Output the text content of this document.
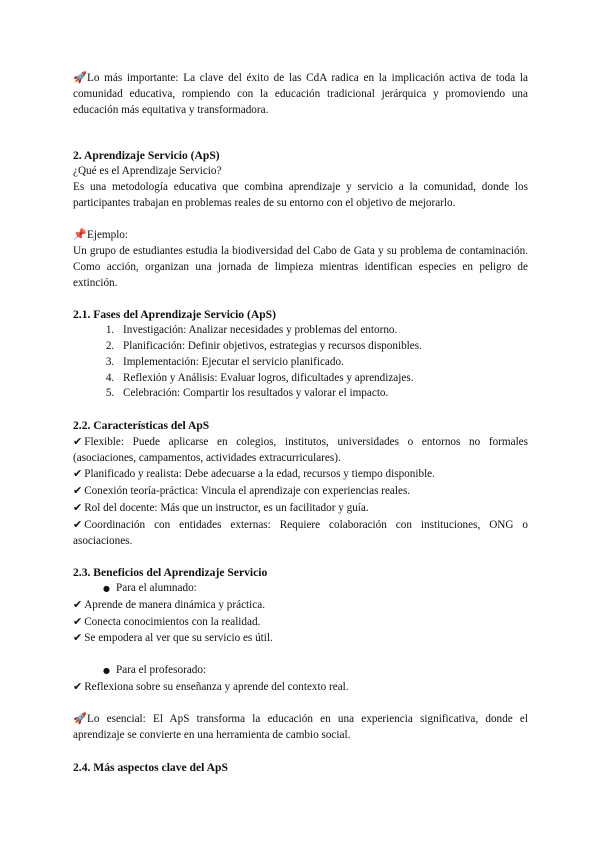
🚀Lo más importante: La clave del éxito de las CdA radica en la implicación activa de toda la comunidad educativa, rompiendo con la educación tradicional jerárquica y promoviendo una educación más equitativa y transformadora.

2. Aprendizaje Servicio (ApS)

¿Qué es el Aprendizaje Servicio?

Es una metodología educativa que combina aprendizaje y servicio a la comunidad, donde los participantes trabajan en problemas reales de su entorno con el objetivo de mejorarlo.

📌Ejemplo:

Un grupo de estudiantes estudia la biodiversidad del Cabo de Gata y su problema de contaminación. Como acción, organizan una jornada de limpieza mientras identifican especies en peligro de extinción.

2.1. Fases del Aprendizaje Servicio (ApS)
1. Investigación: Analizar necesidades y problemas del entorno.
2. Planificación: Definir objetivos, estrategias y recursos disponibles.
3. Implementación: Ejecutar el servicio planificado.
4. Reflexión y Análisis: Evaluar logros, dificultades y aprendizajes.
5. Celebración: Compartir los resultados y valorar el impacto.
2.2. Características del ApS

✔ Flexible: Puede aplicarse en colegios, institutos, universidades o entornos no formales (asociaciones, campamentos, actividades extracurriculares).

✔ Planificado y realista: Debe adecuarse a la edad, recursos y tiempo disponible.

✔ Conexión teoría-práctica: Vincula el aprendizaje con experiencias reales.

✔ Rol del docente: Más que un instructor, es un facilitador y guía.

✔ Coordinación con entidades externas: Requiere colaboración con instituciones, ONG o asociaciones.

2.3. Beneficios del Aprendizaje Servicio
● Para el alumnado:

✔ Aprende de manera dinámica y práctica.

✔ Conecta conocimientos con la realidad.

✔ Se empodera al ver que su servicio es útil.

● Para el profesorado:

✔ Reflexiona sobre su enseñanza y aprende del contexto real.

🚀Lo esencial: El ApS transforma la educación en una experiencia significativa, donde el aprendizaje se convierte en una herramienta de cambio social.

2.4. Más aspectos clave del ApS
